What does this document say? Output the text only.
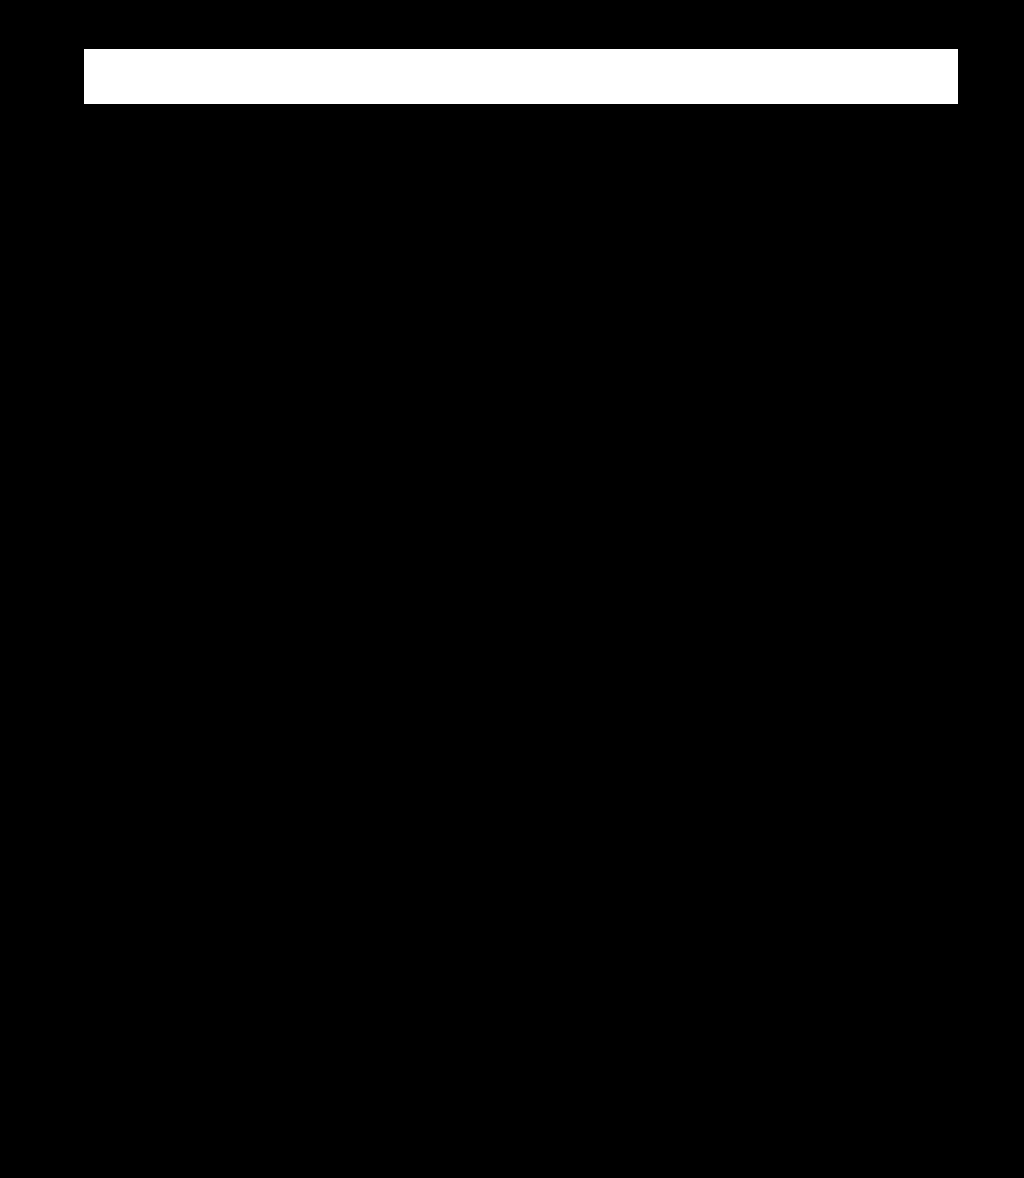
WELCOME TO ALL VISITORS: For those visiting an Orthodox Church for the first time, please be aware that Holy Communion is a sign of unity of faith which is only offered to Baptized or Chrismated Orthodox Christians. All present are welcome, however, to partake of the antidoro (blessed bread) which is distributed at the end of the service. Those interested in learning more about the Orthodox Christian faith, please feel free to see Fr. Demetri after the service. This week, to assist you in the Narthex we have at the Pangary: Lula Kiflit, Jim Karimbakas; Greeter: Constantinos Kechris; Ushers: Mary Hanna, Ellen Marie Demeter, Charles Eliopoulos, Mary Cleary.

MEMORIAL PRAYERS: Memorial prayers are offered today for the repose of the soul of Albert Correia (14 years). May his memory be eternal!

Altar flowers and the candles are offered in memory of Joyce, Athanasia and Constantinos Karimbakas by their family.

Please join us for fellowship immediately following the Liturgy in the Anastasia and Spiro Davis Hall. The fellowship hour will be offered in memory of Anthony Andreadis by his family.

THREE HIERARCHS GREEK SCHOOL CELEBRATION: Today, immediately following the Divine Liturgy, in the occasion of the Feast of the Three Hierarchs, our Greek school will celebrate the lives of these great Fathers of the Church. Later, at 3:00 pm our school will participate at the celebration for the Three Hierarchs which will take place at the Maliotis Caltural Center. You are all invited!

GENERAL ASSEMBLY: Today, we will have a short General Assembly after the Litrugy. Please, join us after the Divine Liturgy in the Anastasia & Spiro Davis Hall.

FEAST OF THE PRESENTATION OF THE LORD: The Divine Liturgy for the Presentation of The Lord will be held on Saturday, February 2 at the Chapel in Brookline. Orthros will start at 8:45 am followed by the Divine Liturgy at 10:00 pm.

GODPARENT SUNDAY: On Sunday, February 3 we will honor the godparents of our Cathedral with Godparent Sunday. Godparents will sit with their godchildren in church during the Divine Liturgy and then will attend Sunday school class with their godchildren. If a godparent cannot attend, yiayiades and papoudes, aunts, uncles, and cousins are invited to attend!

Q & A WITH FATHER DEMETRI: On Sunday, February 17 after the Divine Liturgy we will continue our meetings at the Davis Hall right after the Divine Liturgy, where we will have an informal Question and Answer session with Fr. Demetri. Make sure to come with your questions in hand as we learn more about our Orthodox Christian faith.

ANNUNCIATION CATHEDRAL AND THE BOSTON HOMELESS VETERANS: The next service day at the Homeless Veterans Shelter is on Monday, February 18 at 4:15 pm. Donations are needed for the expense of the meal. Please contact Mr. Peter Vergados at: 617-964-0077.
